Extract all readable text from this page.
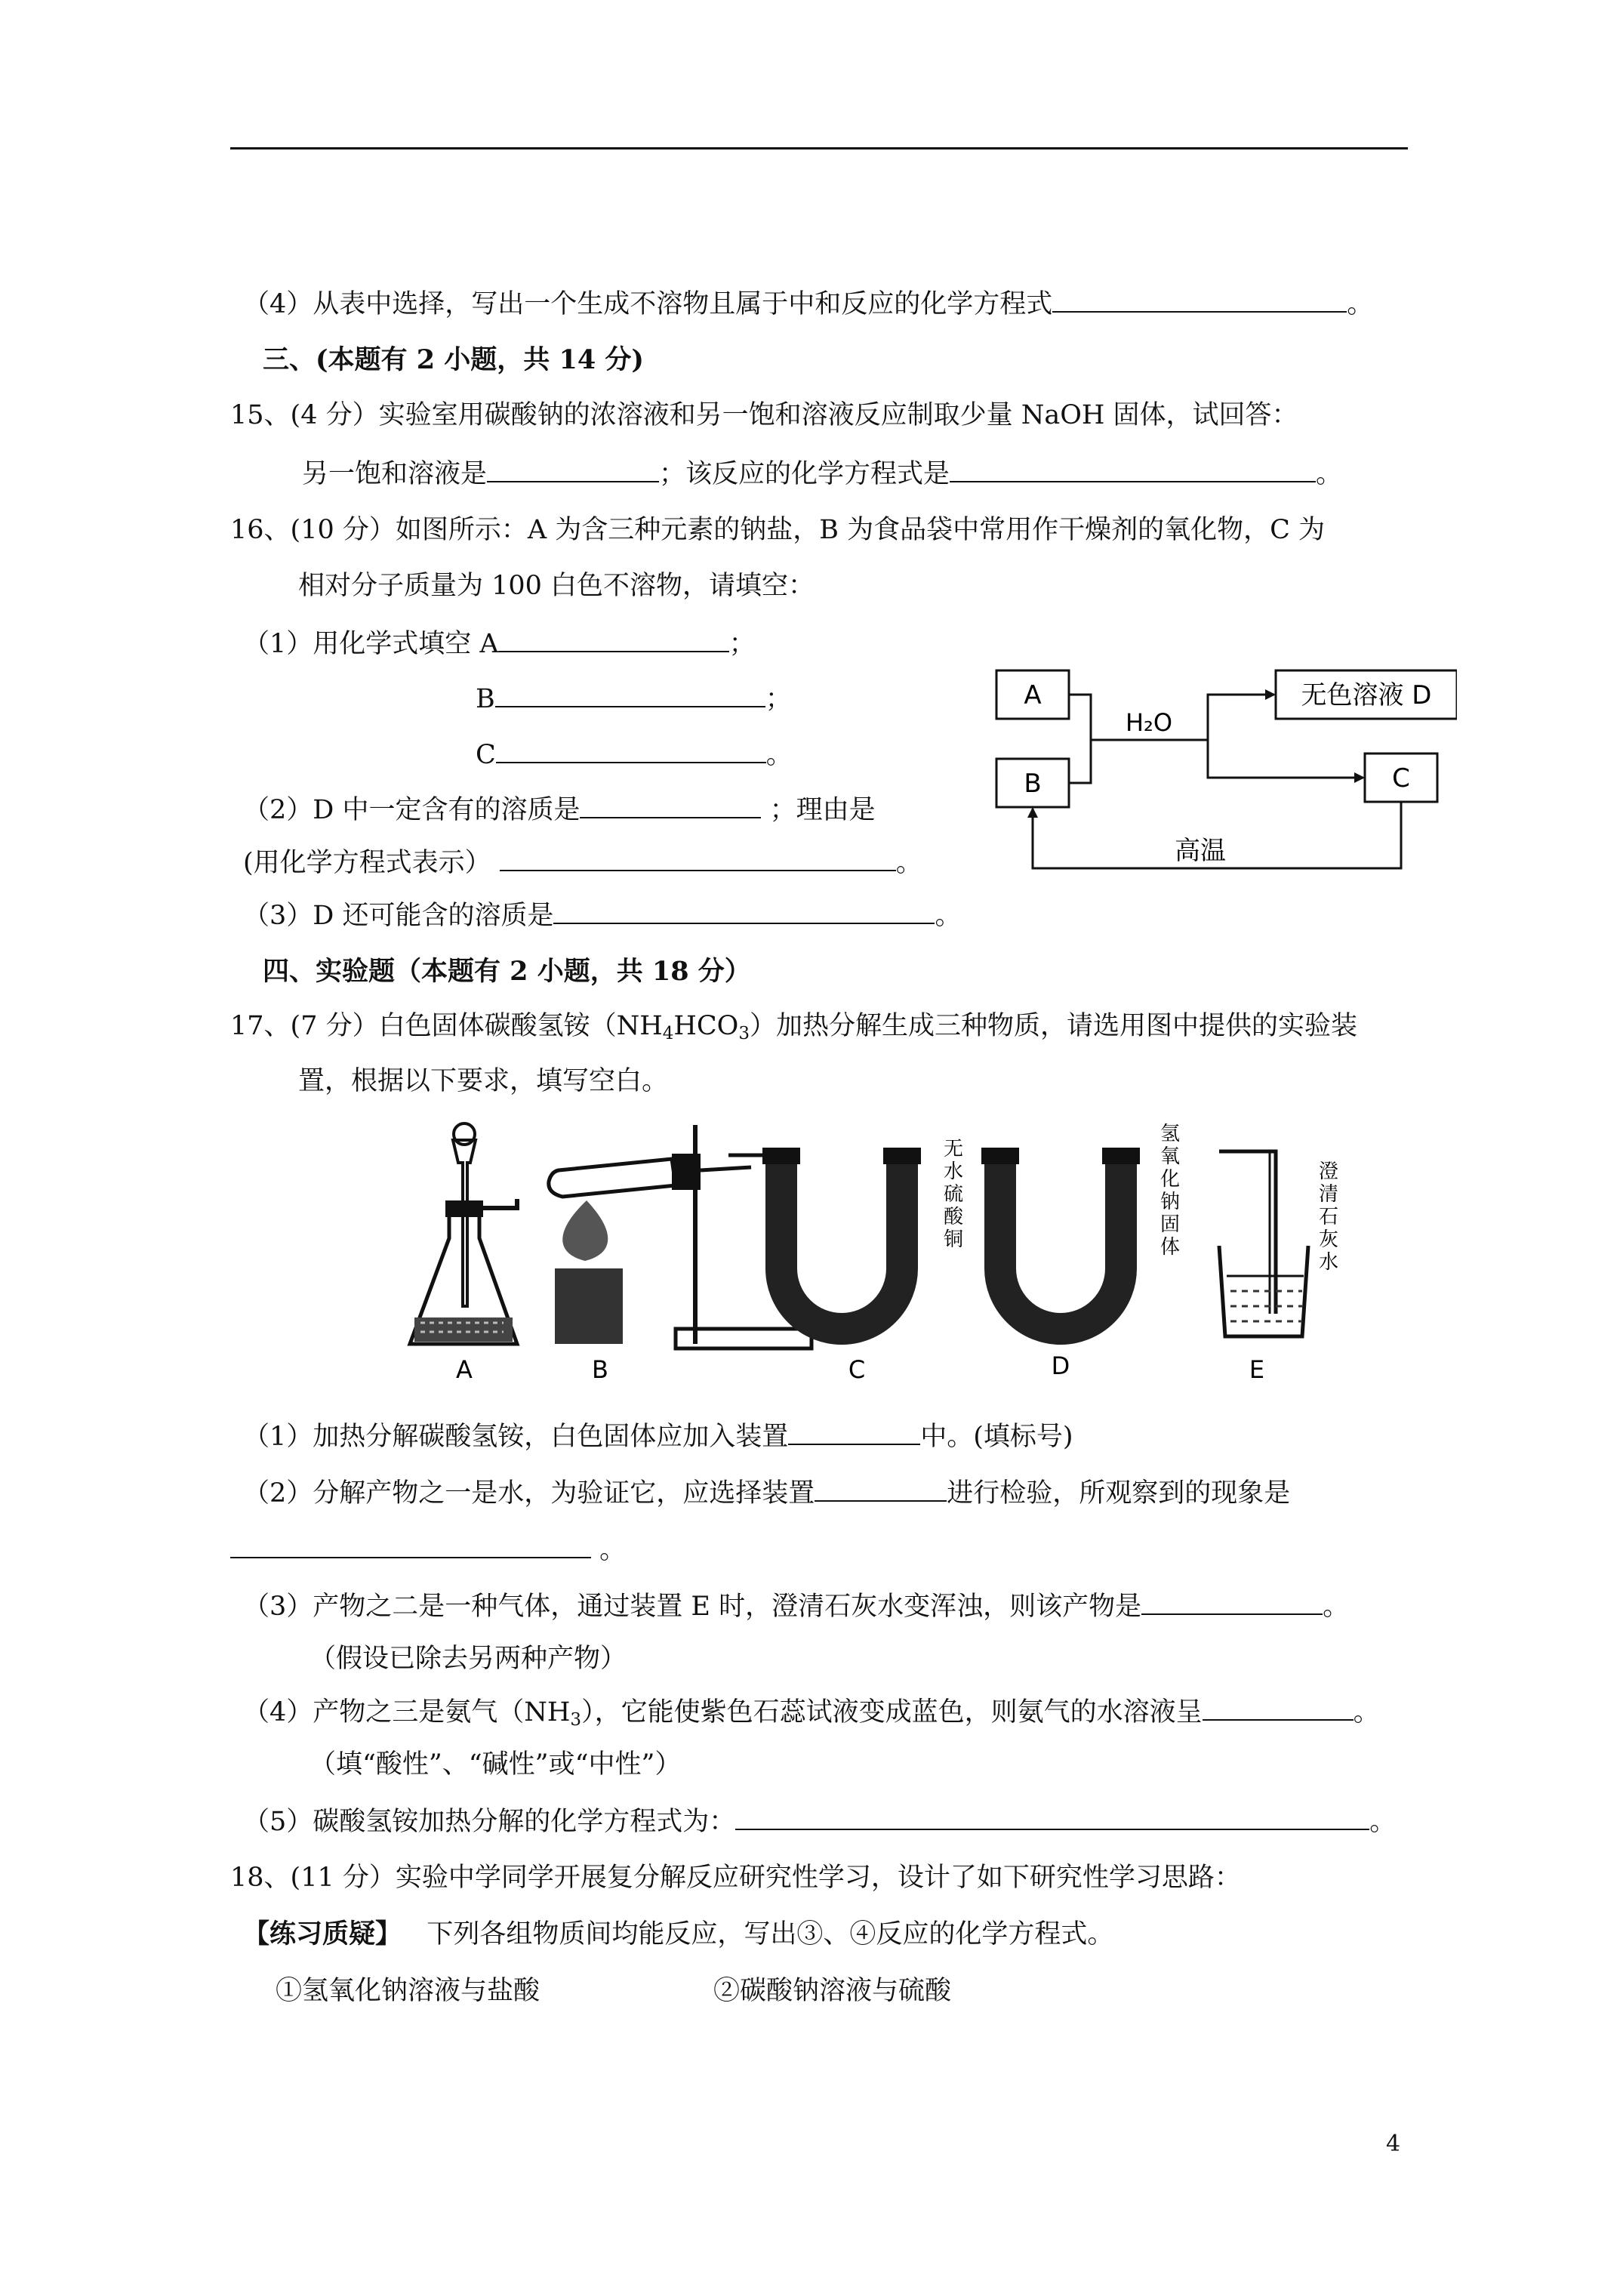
（4）从表中选择，写出一个生成不溶物且属于中和反应的化学方程式	。
三、(本题有 2 小题，共 14 分)
15、(4 分）实验室用碳酸钠的浓溶液和另一饱和溶液反应制取少量 NaOH 固体，试回答：
另一饱和溶液是	；该反应的化学方程式是	。
16、(10 分）如图所示：A 为含三种元素的钠盐，B 为食品袋中常用作干燥剂的氧化物，C 为
相对分子质量为 100 白色不溶物，请填空：
（1）用化学式填空 A	；
B	；
C	。
（2）D 中一定含有的溶质是	；理由是
(用化学方程式表示）	。
（3）D 还可能含的溶质是	。
A
B
无色溶液 D
C
H₂O
高温
四、实验题（本题有 2 小题，共 18 分）
17、(7 分）白色固体碳酸氢铵$(NH_4HCO_3)$加热分解生成三种物质，请选用图中提供的实验装
置，根据以下要求，填写空白。
A	B
无
水
硫
酸
铜
C
氢
氧
化
钠
固
体
D
澄
清
石
灰
水
E
（1）加热分解碳酸氢铵，白色固体应加入装置	中。(填标号)
（2）分解产物之一是水，为验证它，应选择装置	进行检验，所观察到的现象是
。
（3）产物之二是一种气体，通过装置 E 时，澄清石灰水变浑浊，则该产物是	。
（假设已除去另两种产物）
（4）产物之三是氨气$(NH_3)$，它能使紫色石蕊试液变成蓝色，则氨气的水溶液呈	。
（填“酸性”、“碱性”或“中性”）
（5）碳酸氢铵加热分解的化学方程式为：	。
18、(11 分）实验中学同学开展复分解反应研究性学习，设计了如下研究性学习思路：
【练习质疑】 下列各组物质间均能反应，写出③、④反应的化学方程式。
①氢氧化钠溶液与盐酸	②碳酸钠溶液与硫酸
4
